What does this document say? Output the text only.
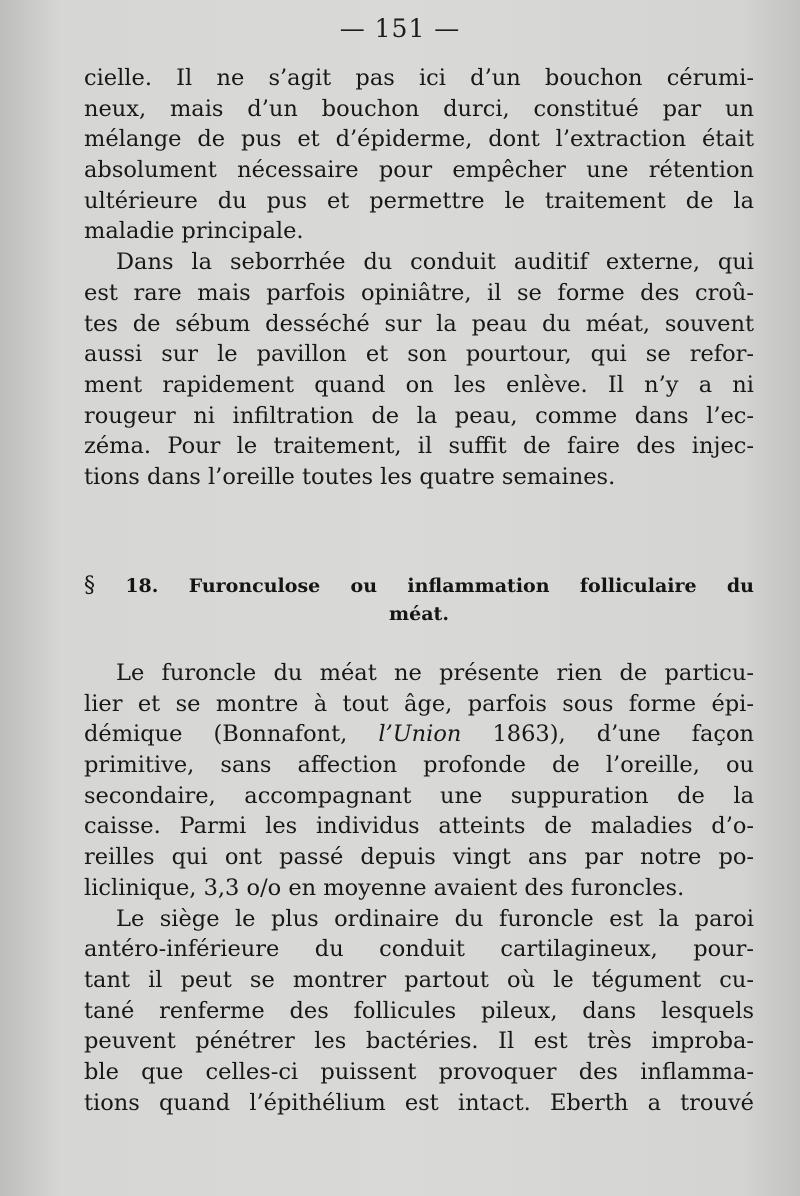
— 151 —
cielle. Il ne s’agit pas ici d’un bouchon cérumi-
neux, mais d’un bouchon durci, constitué par un
mélange de pus et d’épiderme, dont l’extraction était
absolument nécessaire pour empêcher une rétention
ultérieure du pus et permettre le traitement de la
maladie principale.
Dans la seborrhée du conduit auditif externe, qui
est rare mais parfois opiniâtre, il se forme des croû-
tes de sébum desséché sur la peau du méat, souvent
aussi sur le pavillon et son pourtour, qui se refor-
ment rapidement quand on les enlève. Il n’y a ni
rougeur ni infiltration de la peau, comme dans l’ec-
zéma. Pour le traitement, il suffit de faire des injec-
tions dans l’oreille toutes les quatre semaines.
§ 18. Furonculose ou inflammation folliculaire du
méat.
Le furoncle du méat ne présente rien de particu-
lier et se montre à tout âge, parfois sous forme épi-
démique (Bonnafont, l’Union 1863), d’une façon
primitive, sans affection profonde de l’oreille, ou
secondaire, accompagnant une suppuration de la
caisse. Parmi les individus atteints de maladies d’o-
reilles qui ont passé depuis vingt ans par notre po-
liclinique, 3,3 o/o en moyenne avaient des furoncles.
Le siège le plus ordinaire du furoncle est la paroi
antéro-inférieure du conduit cartilagineux, pour-
tant il peut se montrer partout où le tégument cu-
tané renferme des follicules pileux, dans lesquels
peuvent pénétrer les bactéries. Il est très improba-
ble que celles-ci puissent provoquer des inflamma-
tions quand l’épithélium est intact. Eberth a trouvé
